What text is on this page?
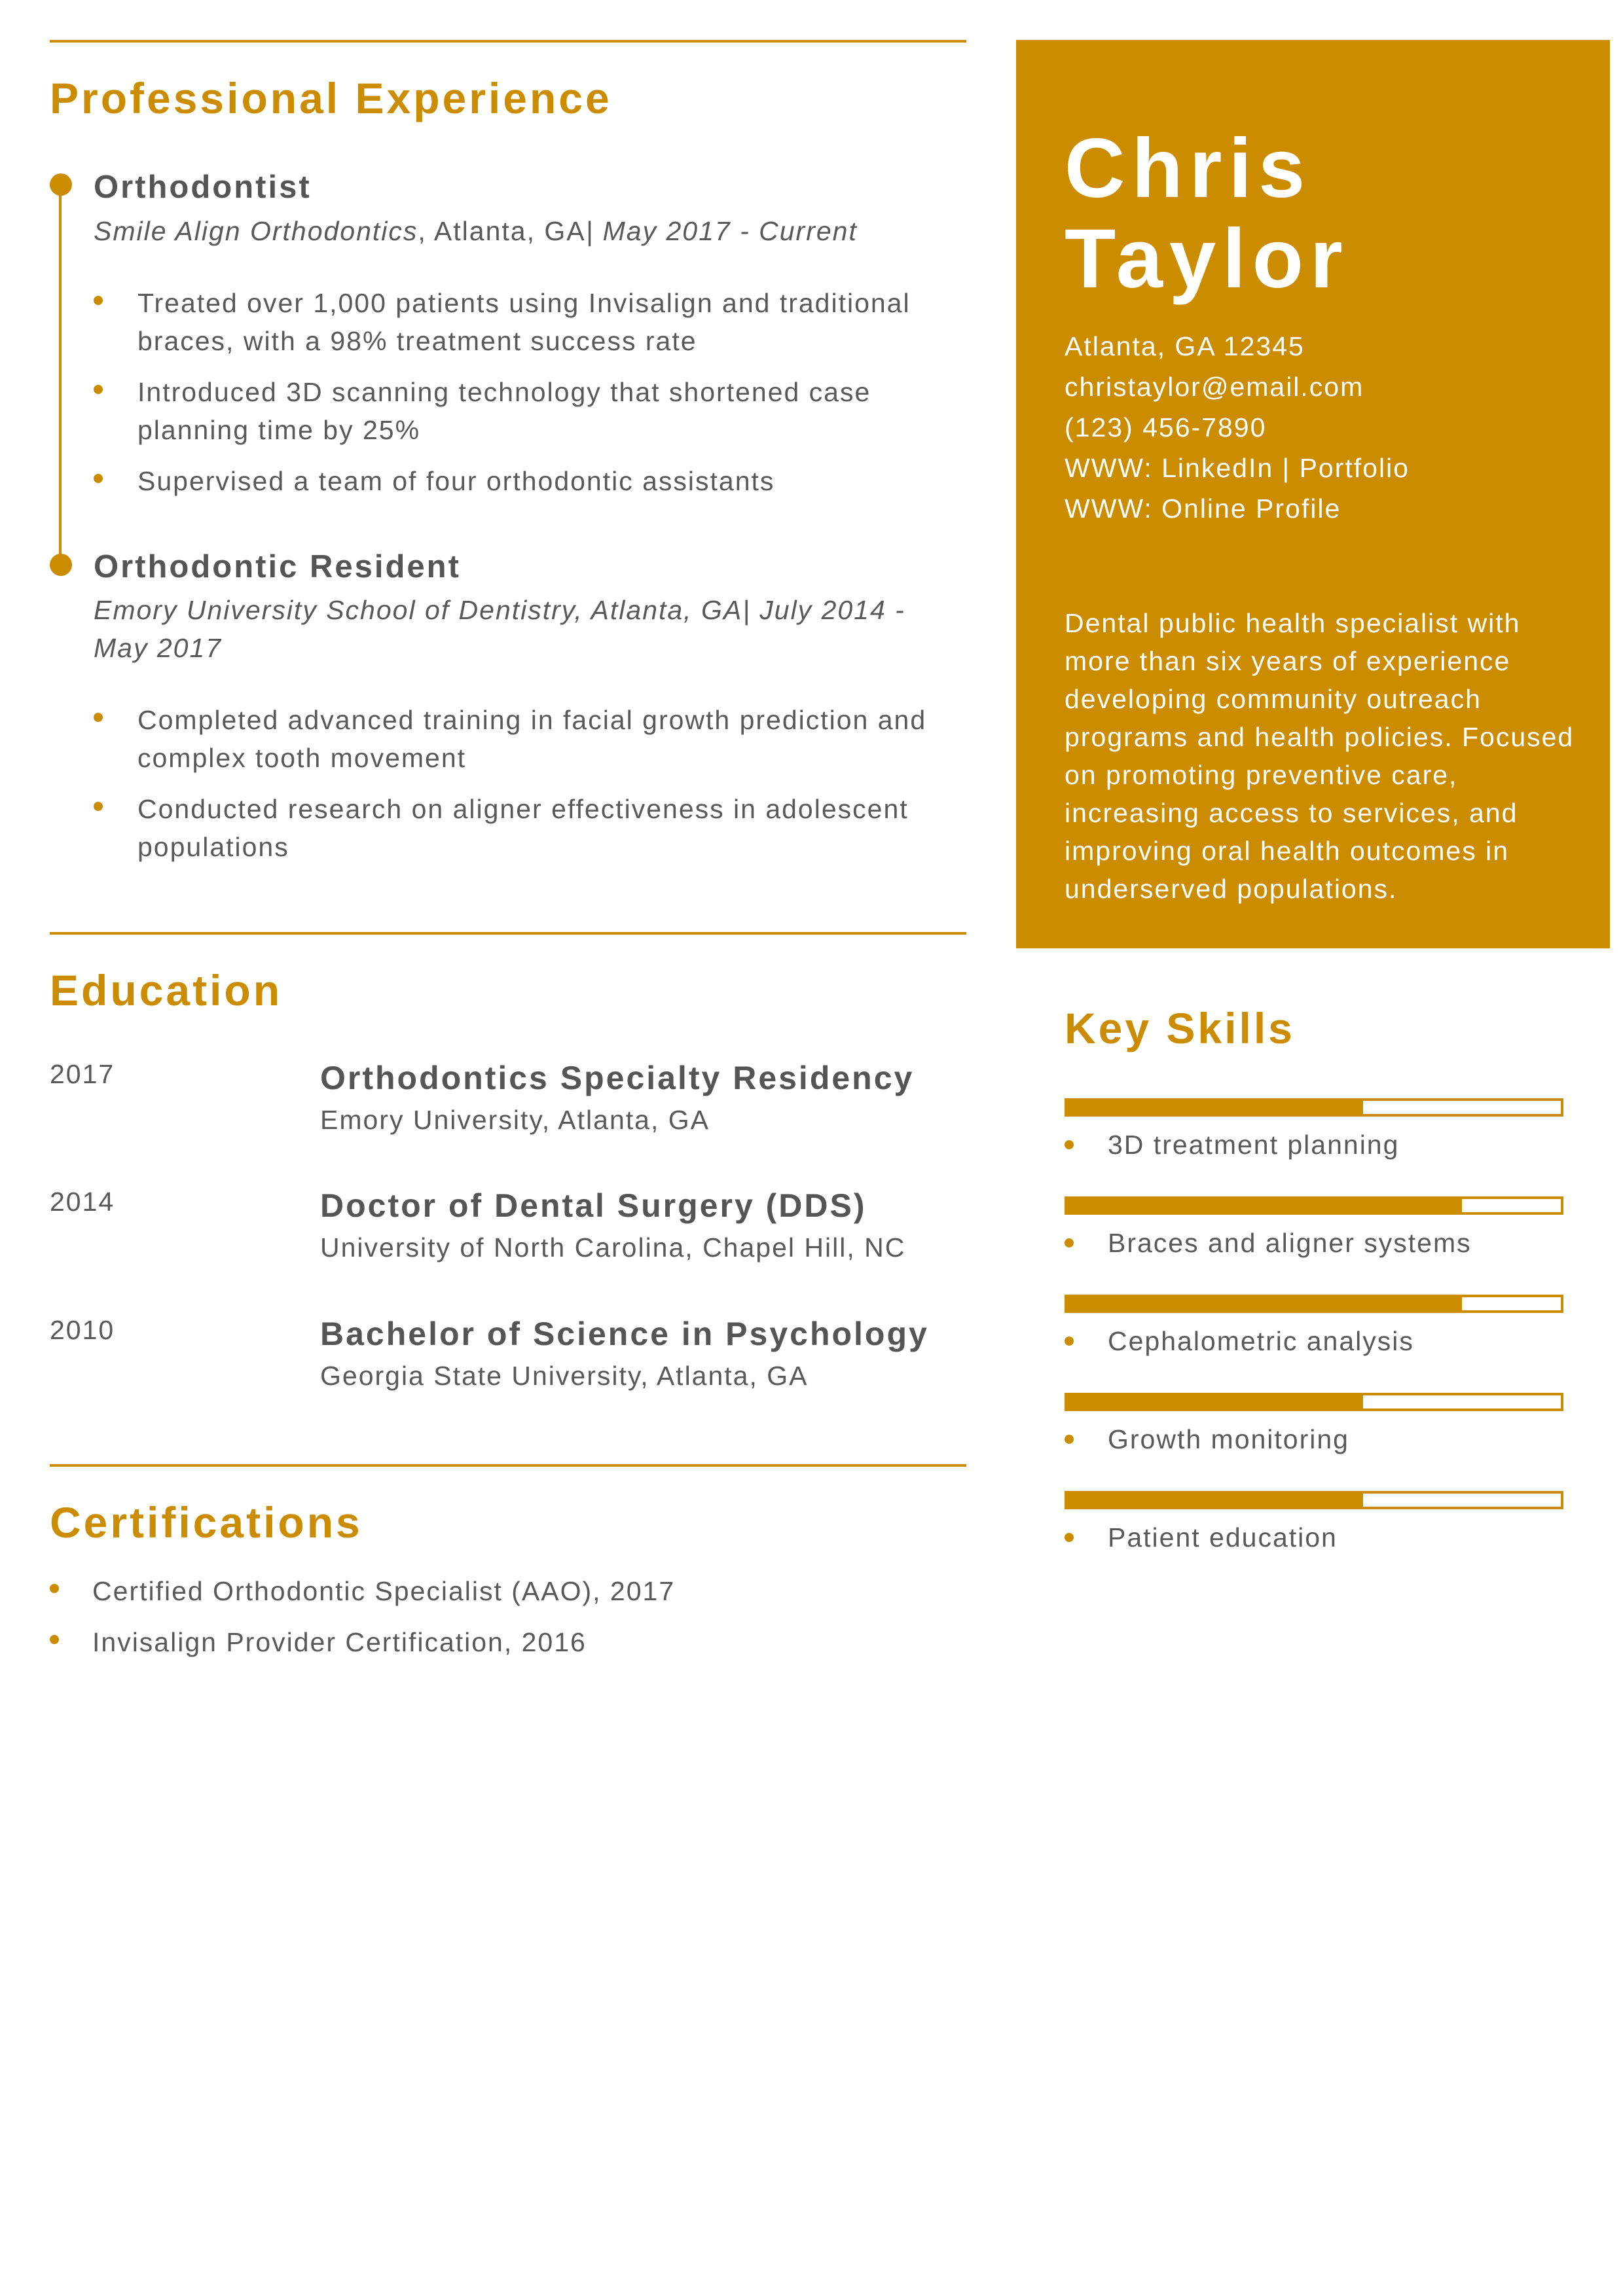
Professional Experience
Orthodontist

Smile Align Orthodontics, Atlanta, GA| May 2017 - Current

Treated over 1,000 patients using Invisalign and traditional braces, with a 98% treatment success rate
Introduced 3D scanning technology that shortened case planning time by 25%
Supervised a team of four orthodontic assistants
Orthodontic Resident

Emory University School of Dentistry, Atlanta, GA| July 2014 - May 2017

Completed advanced training in facial growth prediction and complex tooth movement
Conducted research on aligner effectiveness in adolescent populations
Education
2017	Orthodontics Specialty Residency
Emory University, Atlanta, GA
2014	Doctor of Dental Surgery (DDS)
University of North Carolina, Chapel Hill, NC
2010	Bachelor of Science in Psychology
Georgia State University, Atlanta, GA
Certifications
Certified Orthodontic Specialist (AAO), 2017
Invisalign Provider Certification, 2016
Chris
Taylor
Atlanta, GA 12345
christaylor@email.com
(123) 456-7890
WWW: LinkedIn | Portfolio
WWW: Online Profile

Dental public health specialist with more than six years of experience developing community outreach programs and health policies. Focused on promoting preventive care, increasing access to services, and improving oral health outcomes in underserved populations.

Key Skills
3D treatment planning
Braces and aligner systems
Cephalometric analysis
Growth monitoring
Patient education
